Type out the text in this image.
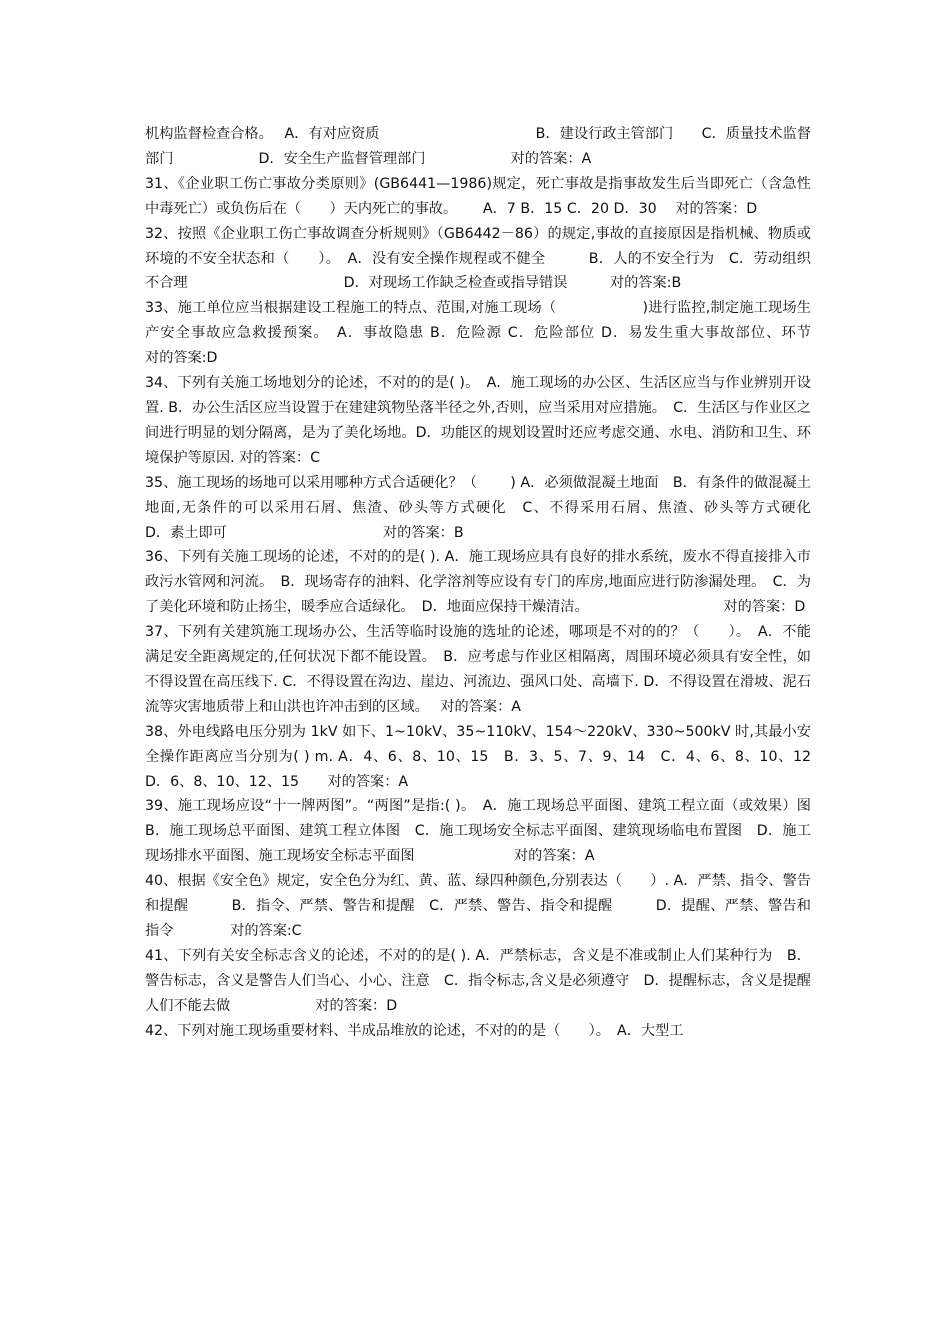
机构监督检查合格。　 A．有对应资质　　　　　　　　　　　B．建设行政主管部门　　C．质量技术监督部门　　　　　　D．安全生产监督管理部门　　　　　　对的答案：A

31、《企业职工伤亡事故分类原则》(GB6441—1986)规定，死亡事故是指事故发生后当即死亡（含急性中毒死亡）或负伤后在（　　）天内死亡的事故。　　 A．7 B．15 C．20 D．30　 对的答案：D

32、按照《企业职工伤亡事故调查分析规则》（GB6442－86）的规定,事故的直接原因是指机械、物质或环境的不安全状态和（　　）。　A．没有安全操作规程或不健全　　　B．人的不安全行为　C．劳动组织不合理　　　　　　　　　　　D．对现场工作缺乏检查或指导错误　　　对的答案:B

33、施工单位应当根据建设工程施工的特点、范围,对施工现场（　　　　　　)进行监控,制定施工现场生产安全事故应急救援预案。　A．事故隐患 B．危险源 C．危险部位 D．易发生重大事故部位、环节　　　　　对的答案:D

34、下列有关施工场地划分的论述，不对的的是( )。　A．施工现场的办公区、生活区应当与作业辨别开设置. B．办公生活区应当设置于在建建筑物坠落半径之外,否则，应当采用对应措施。　C．生活区与作业区之间进行明显的划分隔离，是为了美化场地。D．功能区的规划设置时还应考虑交通、水电、消防和卫生、环境保护等原因. 对的答案：C

35、施工现场的场地可以采用哪种方式合适硬化？（　　 ) A．必须做混凝土地面　B．有条件的做混凝土地面,无条件的可以采用石屑、焦渣、砂头等方式硬化　C、不得采用石屑、焦渣、砂头等方式硬化　　　　　D．素土即可　　　　　　　　　　　对的答案：B

36、下列有关施工现场的论述，不对的的是( ). A．施工现场应具有良好的排水系统，废水不得直接排入市政污水管网和河流。　B．现场寄存的油料、化学溶剂等应设有专门的库房,地面应进行防渗漏处理。　C．为了美化环境和防止扬尘，暖季应合适绿化。　D．地面应保持干燥清洁。　　　　　　　　　　对的答案：D

37、下列有关建筑施工现场办公、生活等临时设施的选址的论述，哪项是不对的的？（　　）。　A．不能满足安全距离规定的,任何状况下都不能设置。　B．应考虑与作业区相隔离，周围环境必须具有安全性，如不得设置在高压线下. C．不得设置在沟边、崖边、河流边、强风口处、高墙下. D．不得设置在滑坡、泥石流等灾害地质带上和山洪也许冲击到的区域。　 对的答案：A

38、外电线路电压分别为 1kV 如下、1~10kV、35~110kV、154～220kV、330~500kV 时,其最小安全操作距离应当分别为( ) m. A．4、6、8、10、15　B．3、5、7、9、14　C．4、6、8、10、12　D．6、8、10、12、15　　对的答案：A

39、施工现场应设“十一牌两图”。“两图”是指:( )。　A．施工现场总平面图、建筑工程立面（或效果）图　B．施工现场总平面图、建筑工程立体图　C．施工现场安全标志平面图、建筑现场临电布置图　D．施工现场排水平面图、施工现场安全标志平面图　　　　　　　对的答案：A

40、根据《安全色》规定，安全色分为红、黄、蓝、绿四种颜色,分别表达（　　）. A．严禁、指令、警告和提醒　　　B．指令、严禁、警告和提醒　C．严禁、警告、指令和提醒　　　D．提醒、严禁、警告和指令　　　　对的答案:C

41、下列有关安全标志含义的论述，不对的的是( ). A．严禁标志，含义是不准或制止人们某种行为　B．警告标志，含义是警告人们当心、小心、注意　C．指令标志,含义是必须遵守　D．提醒标志，含义是提醒人们不能去做　　　　　　对的答案：D

42、下列对施工现场重要材料、半成品堆放的论述，不对的的是（　　）。　A．大型工
